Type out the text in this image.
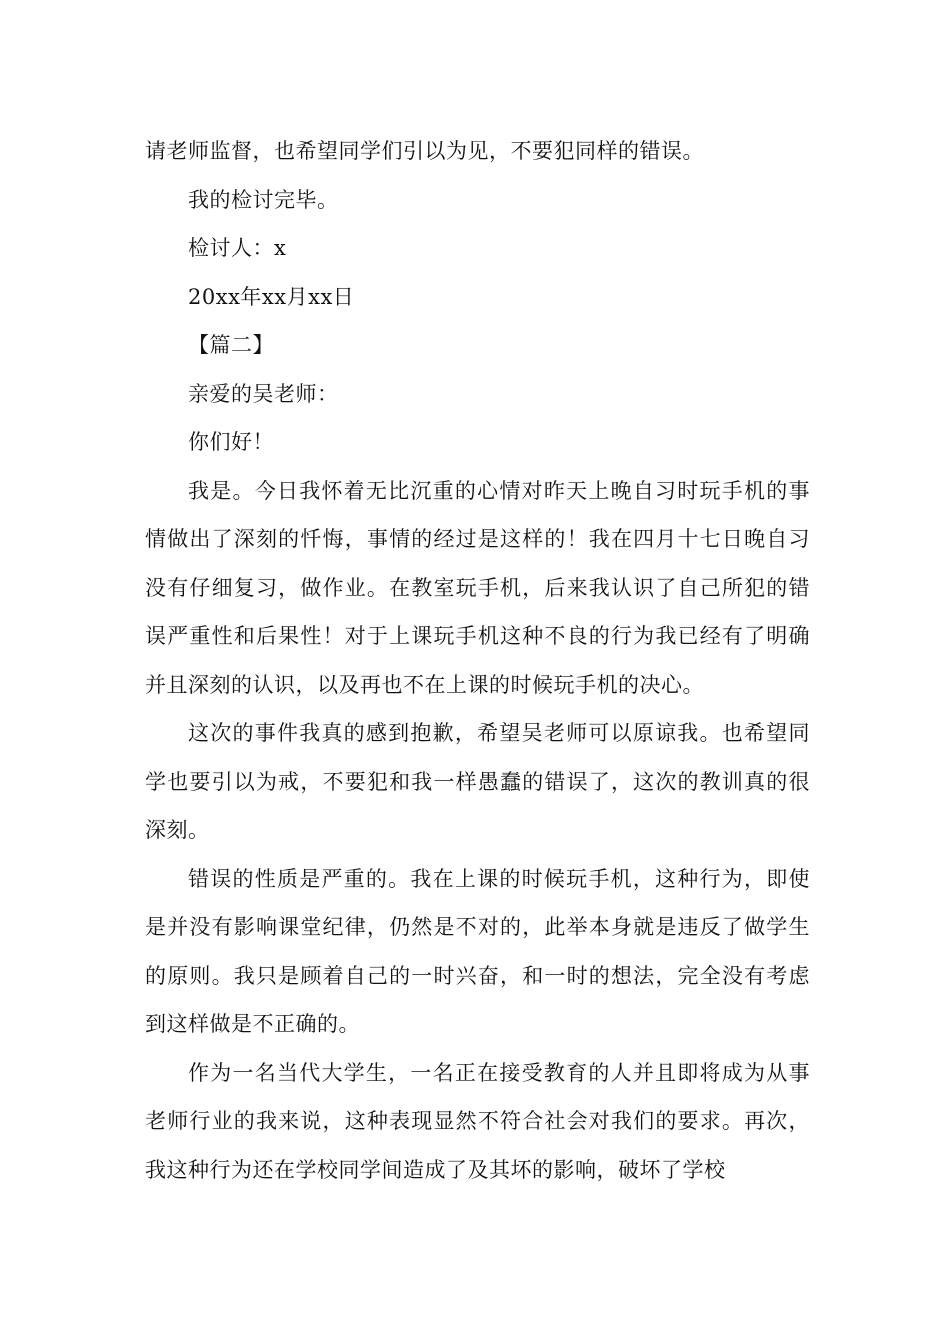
请老师监督，也希望同学们引以为见，不要犯同样的错误。

我的检讨完毕。

检讨人：x

20xx年xx月xx日

【篇二】

亲爱的吴老师：

你们好！

我是。今日我怀着无比沉重的心情对昨天上晚自习时玩手机的事情做出了深刻的忏悔，事情的经过是这样的！我在四月十七日晚自习没有仔细复习，做作业。在教室玩手机，后来我认识了自己所犯的错误严重性和后果性！对于上课玩手机这种不良的行为我已经有了明确并且深刻的认识，以及再也不在上课的时候玩手机的决心。

这次的事件我真的感到抱歉，希望吴老师可以原谅我。也希望同学也要引以为戒，不要犯和我一样愚蠢的错误了，这次的教训真的很深刻。

错误的性质是严重的。我在上课的时候玩手机，这种行为，即使是并没有影响课堂纪律，仍然是不对的，此举本身就是违反了做学生的原则。我只是顾着自己的一时兴奋，和一时的想法，完全没有考虑到这样做是不正确的。

作为一名当代大学生，一名正在接受教育的人并且即将成为从事老师行业的我来说，这种表现显然不符合社会对我们的要求。再次，我这种行为还在学校同学间造成了及其坏的影响，破坏了学校
